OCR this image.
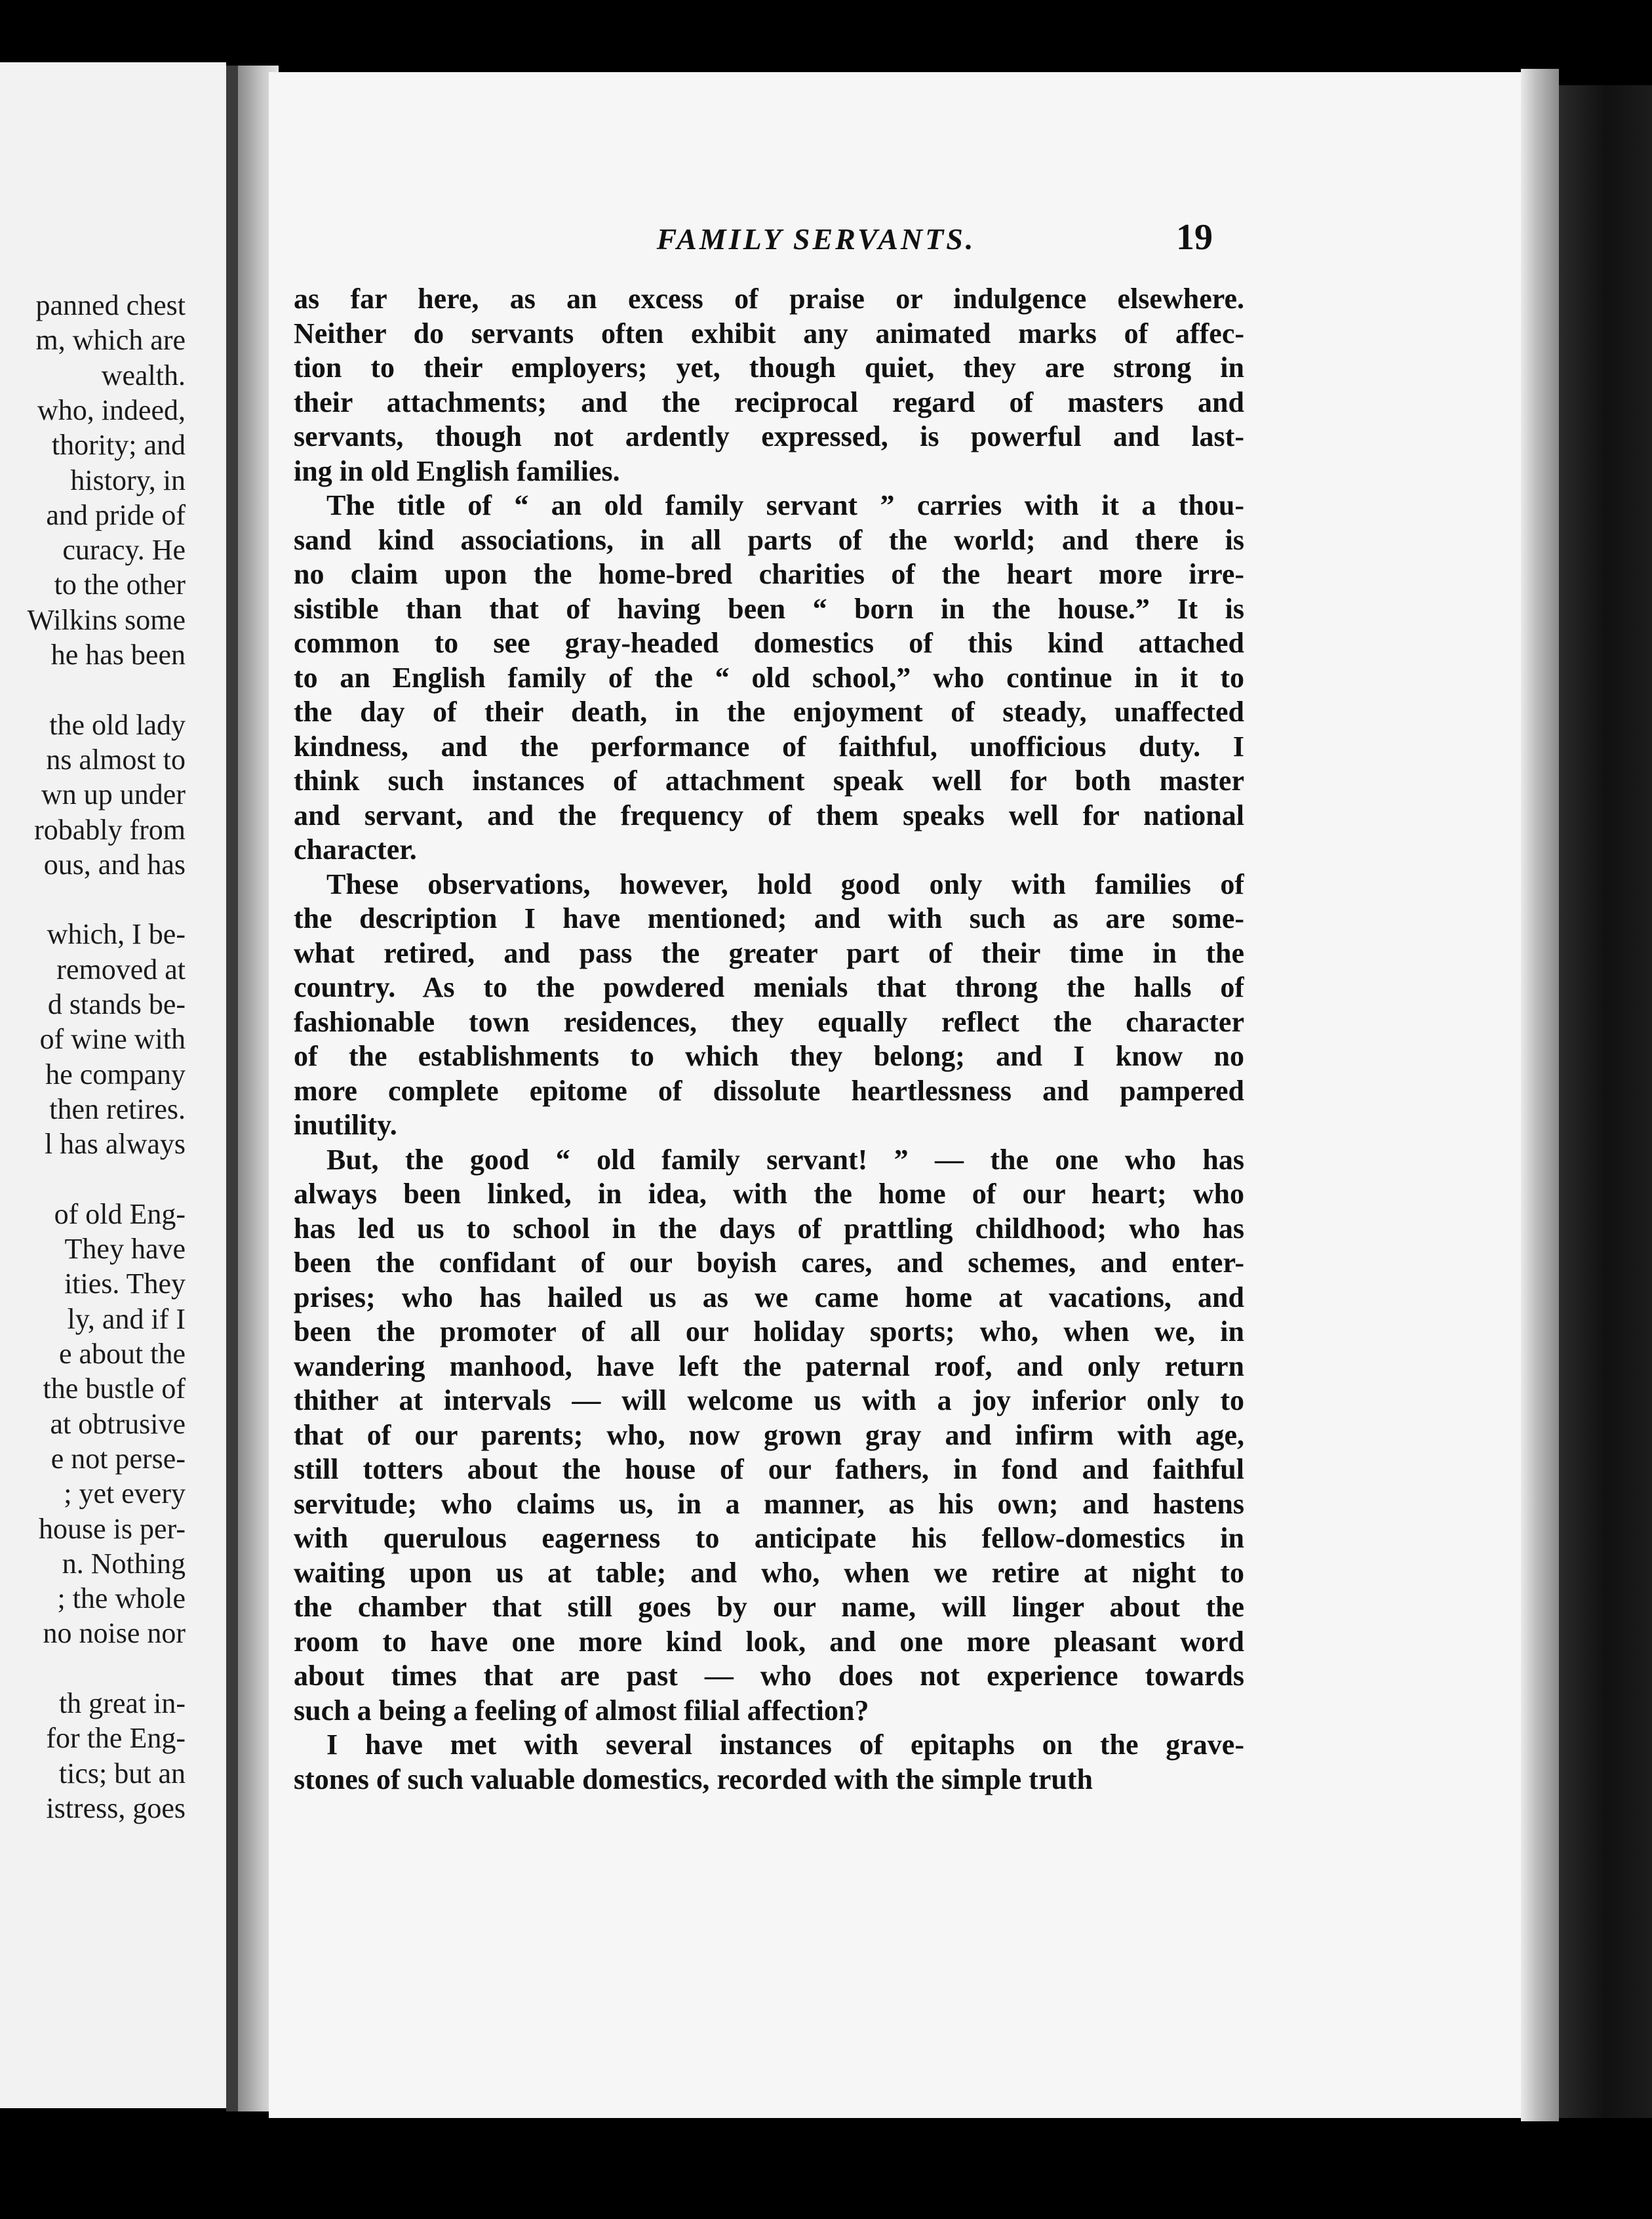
panned chest
m, which are
wealth.
who, indeed,
thority; and
history, in
and pride of
curacy. He
to the other
Wilkins some
he has been
the old lady
ns almost to
wn up under
robably from
ous, and has
which, I be-
removed at
d stands be-
of wine with
he company
then retires.
l has always
of old Eng-
They have
ities. They
ly, and if I
e about the
the bustle of
at obtrusive
e not perse-
; yet every
house is per-
n. Nothing
; the whole
no noise nor
th great in-
for the Eng-
tics; but an
istress, goes
FAMILY SERVANTS.	19
as far here, as an excess of praise or indulgence elsewhere.
Neither do servants often exhibit any animated marks of affec-
tion to their employers; yet, though quiet, they are strong in
their attachments; and the reciprocal regard of masters and
servants, though not ardently expressed, is powerful and last-
ing in old English families.
The title of “ an old family servant ” carries with it a thou-
sand kind associations, in all parts of the world; and there is
no claim upon the home-bred charities of the heart more irre-
sistible than that of having been “ born in the house.” It is
common to see gray-headed domestics of this kind attached
to an English family of the “ old school,” who continue in it to
the day of their death, in the enjoyment of steady, unaffected
kindness, and the performance of faithful, unofficious duty. I
think such instances of attachment speak well for both master
and servant, and the frequency of them speaks well for national
character.
These observations, however, hold good only with families of
the description I have mentioned; and with such as are some-
what retired, and pass the greater part of their time in the
country. As to the powdered menials that throng the halls of
fashionable town residences, they equally reflect the character
of the establishments to which they belong; and I know no
more complete epitome of dissolute heartlessness and pampered
inutility.
But, the good “ old family servant! ” — the one who has
always been linked, in idea, with the home of our heart; who
has led us to school in the days of prattling childhood; who has
been the confidant of our boyish cares, and schemes, and enter-
prises; who has hailed us as we came home at vacations, and
been the promoter of all our holiday sports; who, when we, in
wandering manhood, have left the paternal roof, and only return
thither at intervals — will welcome us with a joy inferior only to
that of our parents; who, now grown gray and infirm with age,
still totters about the house of our fathers, in fond and faithful
servitude; who claims us, in a manner, as his own; and hastens
with querulous eagerness to anticipate his fellow-domestics in
waiting upon us at table; and who, when we retire at night to
the chamber that still goes by our name, will linger about the
room to have one more kind look, and one more pleasant word
about times that are past — who does not experience towards
such a being a feeling of almost filial affection?
I have met with several instances of epitaphs on the grave-
stones of such valuable domestics, recorded with the simple truth
